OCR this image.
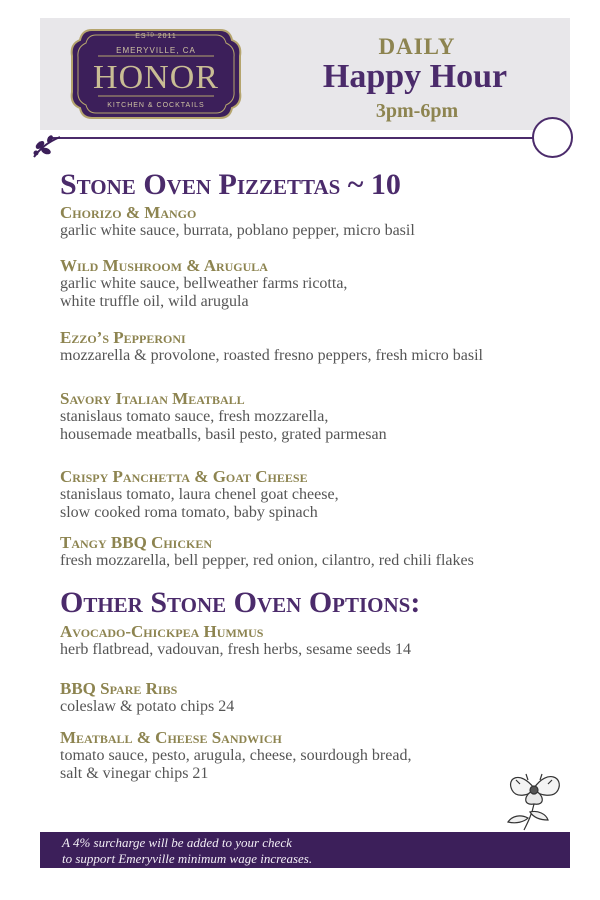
ESᵀᴰ 2011
EMERYVILLE, CA
HONOR
KITCHEN & COCKTAILS
DAILY
Happy Hour
3pm-6pm
Stone Oven Pizzettas ~ 10
Chorizo & Mango
garlic white sauce, burrata, poblano pepper, micro basil
Wild Mushroom & Arugula
garlic white sauce, bellweather farms ricotta,
white truffle oil, wild arugula
Ezzo’s Pepperoni
mozzarella & provolone, roasted fresno peppers, fresh micro basil
Savory Italian Meatball
stanislaus tomato sauce, fresh mozzarella,
housemade meatballs, basil pesto, grated parmesan
Crispy Panchetta & Goat Cheese
stanislaus tomato, laura chenel goat cheese,
slow cooked roma tomato, baby spinach
Tangy BBQ Chicken
fresh mozzarella, bell pepper, red onion, cilantro, red chili flakes
Other Stone Oven Options:
Avocado-Chickpea Hummus
herb flatbread, vadouvan, fresh herbs, sesame seeds 14
BBQ Spare Ribs
coleslaw & potato chips 24
Meatball & Cheese Sandwich
tomato sauce, pesto, arugula, cheese, sourdough bread,
salt & vinegar chips 21
A 4% surcharge will be added to your check
to support Emeryville minimum wage increases.
